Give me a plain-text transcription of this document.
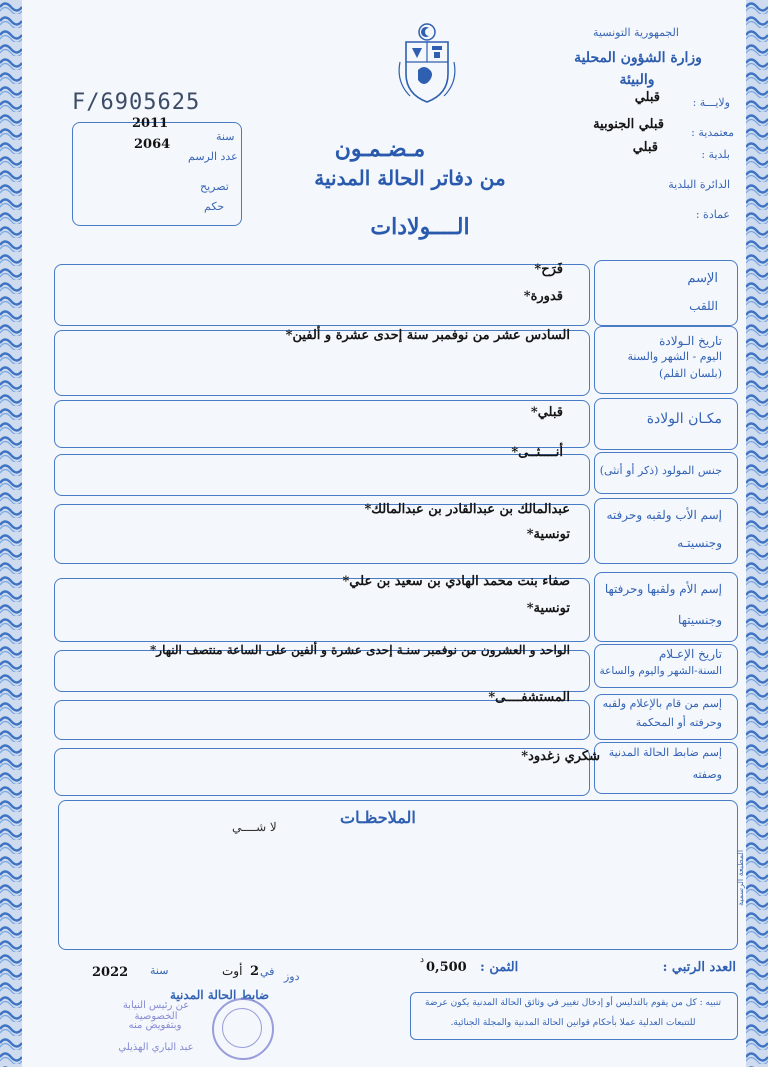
الجمهورية التونسية
وزارة الشؤون المحلية
والبيئة
ولايـــة :
قبلي
معتمدية :
قبلي الجنوبية
بلدية :
قبلي
الدائرة البلدية
عمادة :
F/6905625
2011
سنة
2064
عدد الرسم
تصريح
حكم
مـضـمـون
من دفاتر الحالة المدنية
الــــولادات
الإسم
اللقب
فَرَح*
قدورة*
تاريخ الـولادة
اليوم - الشهر والسنة
(بلسان القلم)
السادس عشر من نوفمبر سنة إحدى عشرة و ألفين*
مكـان الولادة
قبلي*
جنس المولود (ذكر أو أنثى)
أنــــثــى*
إسم الأب ولقبه وحرفته
وجنسيتـه
عبدالمالك بن عبدالقادر بن عبدالمالك*
تونسية*
إسم الأم ولقبها وحرفتها
وجنسيتها
صفاء بنت محمد الهادي بن سعيد بن علي*
تونسية*
تاريخ الإعـلام
السنة-الشهر واليوم والساعة
الواحد و العشرون من نوفمبر سنـة إحدى عشرة و ألفين على الساعة منتصف النهار*
إسم من قام بالإعلام ولقبه
وحرفته أو المحكمة
المستشفــــى*
إسم ضابط الحالة المدنية
وصفته
شكري زغدود*
الملاحظـات
لا شــــي
المطبعة الرسمية
العدد الرتبي :
الثمن :
0,500
د
دوز
في
2
أوت
سنة
2022
ضابط الحالة المدنية
عن رئيس النيابة الخصوصية
وبتفويض منه
عبد الباري الهذيلي
تنبيه : كل من يقوم بالتدليس أو إدخال تغيير في وثائق الحالة المدنية يكون عرضة
للتتبعات العدلية عملا بأحكام قوانين الحالة المدنية والمجلة الجنائية.
